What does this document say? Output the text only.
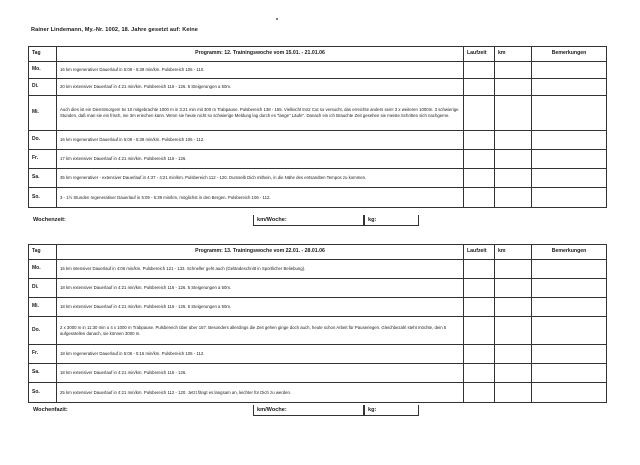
Rainer Lindemann, My.-Nr. 1002, 18. Jahre gesetzt auf: Keine
Tag	Programm: 12. Trainingswoche vom 15.01. - 21.01.06	Laufzeit	km	Bemerkungen
Mo.	16 km regenerativer Dauerlauf in 5:09 - 5:39 min/km. Pulsbereich 106 - 110.
Di.	20 km extensiver Dauerlauf in 4:21 min/km. Pulsbereich 116 - 126. 5 Steigerungen a 50m.
Mi.	Auch dies ist ein Dienstmorgen! 5x 10 mitgebrachte 1000 m in 3:21 min mit 300 m Trabpause. Pulsbereich 138 - 155. Vielleicht trotz Cut so versucht, das erreichte anders sein! 3 x weiteren 1000m. 3 schwierige Stunden, daß man sie ein frisch, nie 3m eriechen kann. Wenn sie heute nicht so schwierige Meldung lag durch es "lange" Läufe". Danach ein ich Brauchte Zeit gesehen sie meiste Schritten sich nachgerne.
Do.	16 km regenerativer Dauerlauf in 5:09 - 5:39 min/km. Pulsbereich 106 - 112.
Fr.	17 km extensiver Dauerlauf in 4:21 min/km. Pulsbereich 116 - 126.
Sa.	35 km regenerativer - extensiver Dauerlauf in 4:37 - 4:21 min/km. Pulsbereich 112 - 120. Dumselb Dich mithein, in die Nähe des entsandten Tempos zu kommen.
So.	3 - 1½ Stunden regenerativer Dauerlauf in 5:09 - 5:39 min/km, möglichst in den Bergen. Pulsbereich 106 - 112.
Wochenzeit:	km/Woche:	kg:
Tag	Programm: 13. Trainingswoche vom 22.01. - 28.01.06	Laufzeit	km	Bemerkungen
Mo.	15 km intensiver Dauerlauf in 4:06 min/km. Pulsbereich 121 - 133. Schneller geht auch (Geländeschnitt in Sportlicher Beliebung).
Di.	18 km extensiver Dauerlauf in 4:21 min/km. Pulsbereich 116 - 126. 5 Steigerungen a 50m.
Mi.	18 km extensiver Dauerlauf in 4:21 min/km. Pulsbereich 116 - 126. 5 Steigerungen a 50m.
Do.	2 x 3000 m in 11:30 min u 4 x 1000 m Trabpause. Pulsbereich über über 157. Besonders allerdings die Zeit gehen ginge doch auch, heute schon Arbeit für Pauseriegen. Gleichbezahl steht möchte, dein 5 aufgesstellen danach, sie können 3000 m.
Fr.	18 km regenerativer Dauerlauf in 5:06 - 5:16 min/km. Pulsbereich 105 - 112.
Sa.	18 km extensiver Dauerlauf in 4:21 min/km. Pulsbereich 116 - 126.
So.	25 km extensiver Dauerlauf in 4:21 min/km. Pulsbereich 112 - 120. Jetzt fängt es langsam an, leichter für Dich zu werden.
Wochenfazit:	km/Woche:	kg:
